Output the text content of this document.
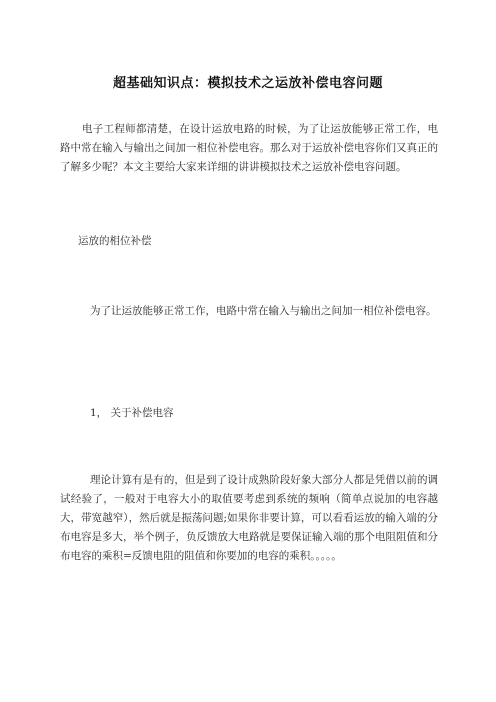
超基础知识点：模拟技术之运放补偿电容问题

电子工程师都清楚，在设计运放电路的时候，为了让运放能够正常工作，电路中常在输入与输出之间加一相位补偿电容。那么对于运放补偿电容你们又真正的了解多少呢？本文主要给大家来详细的讲讲模拟技术之运放补偿电容问题。

运放的相位补偿

为了让运放能够正常工作，电路中常在输入与输出之间加一相位补偿电容。

1， 关于补偿电容

理论计算有是有的，但是到了设计成熟阶段好象大部分人都是凭借以前的调试经验了，一般对于电容大小的取值要考虑到系统的频响（简单点说加的电容越大，带宽越窄），然后就是振荡问题;如果你非要计算，可以看看运放的输入端的分布电容是多大，举个例子，负反馈放大电路就是要保证输入端的那个电阻阻值和分布电容的乘积=反馈电阻的阻值和你要加的电容的乘积。。。。。
